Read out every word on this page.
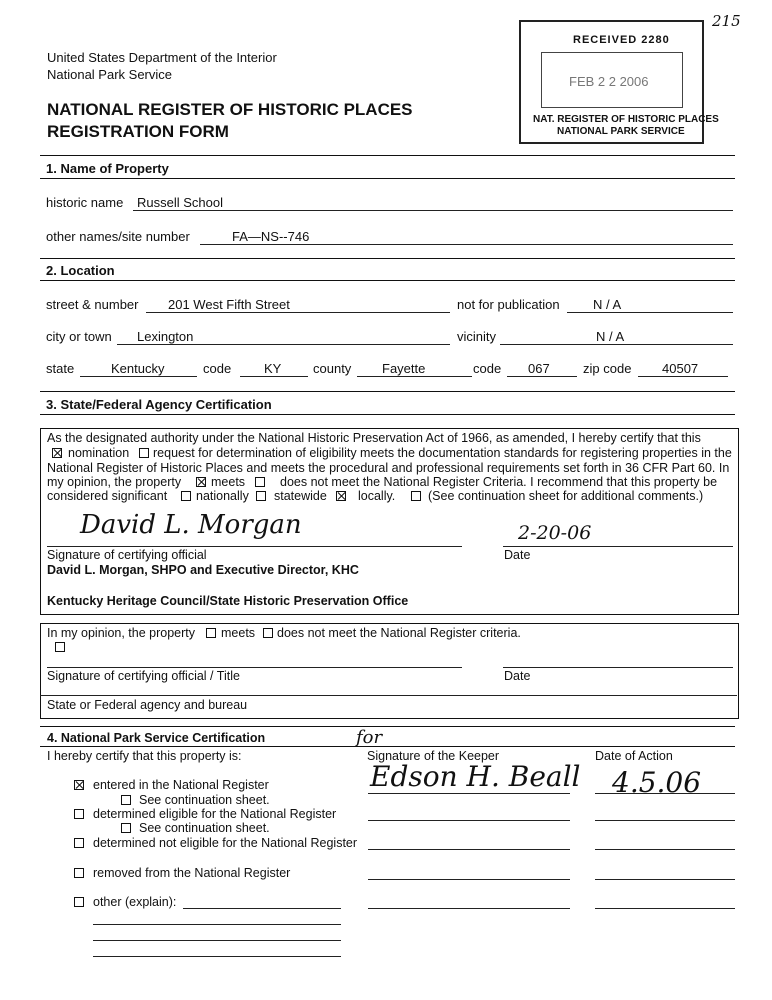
215
RECEIVED 2280
FEB 2 2 2006
NAT. REGISTER OF HISTORIC PLACES
NATIONAL PARK SERVICE
United States Department of the Interior
National Park Service
NATIONAL REGISTER OF HISTORIC PLACES
REGISTRATION FORM
1. Name of Property
historic name Russell School
other names/site number	FA—NS--746
2. Location
street & number 201 West Fifth Street	not for publication	N / A
city or town Lexington	vicinity	N / A
state	Kentucky	code	KY county Fayette	code 067	zip code 40507
3. State/Federal Agency Certification
As the designated authority under the National Historic Preservation Act of 1966, as amended, I hereby certify that this
nomination request for determination of eligibility meets the documentation standards for registering properties in the
National Register of Historic Places and meets the procedural and professional requirements set forth in 36 CFR Part 60. In
my opinion, the property meets	does not meet the National Register Criteria. I recommend that this property be
considered significant nationally statewide locally.	(See continuation sheet for additional comments.)
David L. Morgan	2-20-06
Signature of certifying official	Date
David L. Morgan, SHPO and Executive Director, KHC
Kentucky Heritage Council/State Historic Preservation Office
In my opinion, the property meets does not meet the National Register criteria.
Signature of certifying official / Title	Date
State or Federal agency and bureau
4. National Park Service Certification
I hereby certify that this property is:	Signature of the Keeper	Date of Action
for
Edson H. Beall 4.5.06
entered in the National Register
See continuation sheet.
determined eligible for the National Register
See continuation sheet.
determined not eligible for the National Register
removed from the National Register
other (explain):
